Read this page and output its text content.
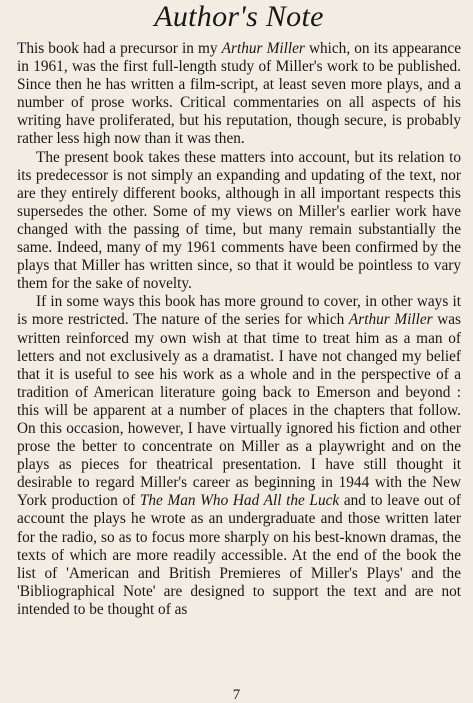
Author's Note

This book had a precursor in my Arthur Miller which, on its appearance in 1961, was the first full-length study of Miller's work to be published. Since then he has written a film-script, at least seven more plays, and a number of prose works. Critical commentaries on all aspects of his writing have proliferated, but his reputation, though secure, is probably rather less high now than it was then.

The present book takes these matters into account, but its relation to its predecessor is not simply an expanding and updating of the text, nor are they entirely different books, although in all important respects this supersedes the other. Some of my views on Miller's earlier work have changed with the passing of time, but many remain substantially the same. Indeed, many of my 1961 comments have been confirmed by the plays that Miller has written since, so that it would be pointless to vary them for the sake of novelty.

If in some ways this book has more ground to cover, in other ways it is more restricted. The nature of the series for which Arthur Miller was written reinforced my own wish at that time to treat him as a man of letters and not exclusively as a dramatist. I have not changed my belief that it is useful to see his work as a whole and in the perspective of a tradition of American literature going back to Emerson and beyond : this will be apparent at a number of places in the chapters that follow. On this occasion, however, I have virtually ignored his fiction and other prose the better to concentrate on Miller as a playwright and on the plays as pieces for theatrical presentation. I have still thought it desirable to regard Miller's career as beginning in 1944 with the New York production of The Man Who Had All the Luck and to leave out of account the plays he wrote as an undergraduate and those written later for the radio, so as to focus more sharply on his best-known dramas, the texts of which are more readily accessible. At the end of the book the list of 'American and British Premieres of Miller's Plays' and the 'Bibliographical Note' are designed to support the text and are not intended to be thought of as

7
